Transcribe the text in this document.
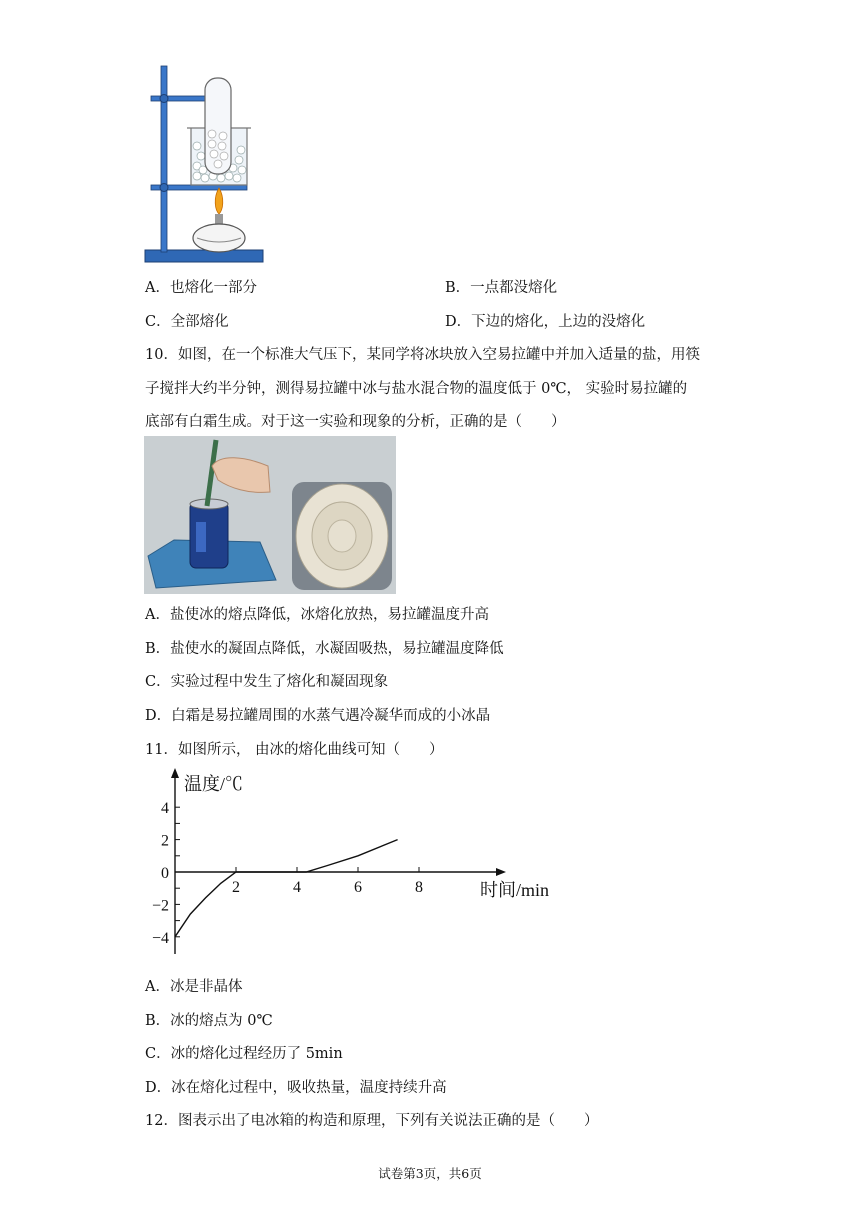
A．也熔化一部分	B．一点都没熔化
C．全部熔化	D．下边的熔化，上边的没熔化
10．如图，在一个标准大气压下，某同学将冰块放入空易拉罐中并加入适量的盐，用筷
子搅拌大约半分钟，测得易拉罐中冰与盐水混合物的温度低于 0℃， 实验时易拉罐的
底部有白霜生成。对于这一实验和现象的分析，正确的是（　　）
A．盐使冰的熔点降低，冰熔化放热，易拉罐温度升高
B．盐使水的凝固点降低，水凝固吸热，易拉罐温度降低
C．实验过程中发生了熔化和凝固现象
D．白霜是易拉罐周围的水蒸气遇冷凝华而成的小冰晶
11．如图所示， 由冰的熔化曲线可知（　　）
温度/℃
时间/min
2	4	6	8
4
2
0
−2
−4
A．冰是非晶体
B．冰的熔点为 0℃
C．冰的熔化过程经历了 5min
D．冰在熔化过程中，吸收热量，温度持续升高
12．图表示出了电冰箱的构造和原理，下列有关说法正确的是（　　）
试卷第3页，共6页
